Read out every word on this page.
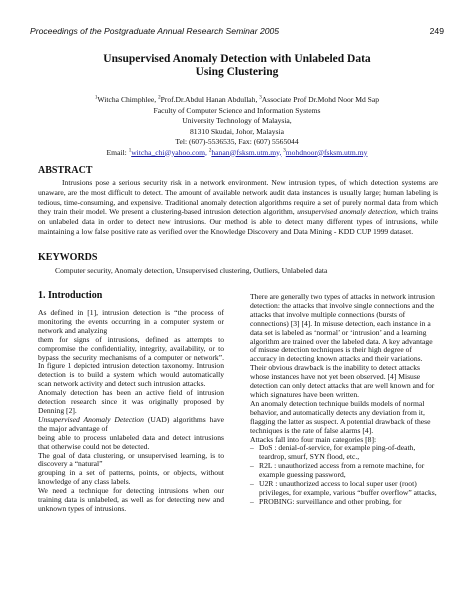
Proceedings of the Postgraduate Annual Research Seminar 2005	249
Unsupervised Anomaly Detection with Unlabeled Data
Using Clustering
$^1$Witcha Chimphlee, $^2$Prof.Dr.Abdul Hanan Abdullah, $^3$Associate Prof Dr.Mohd Noor Md Sap
Faculty of Computer Science and Information Systems
University Technology of Malaysia,
81310 Skudai, Johor, Malaysia
Tel: (607)-5536535, Fax: (607) 5565044
Email: $^1$witcha_chi@yahoo.com, $^2$hanan@fsksm.utm.my, $^3$mohdnoor@fsksm.utm.my
ABSTRACT
Intrusions pose a serious security risk in a network environment. New intrusion types, of which detection systems are unaware, are the most difficult to detect. The amount of available network audit data instances is usually large; human labeling is tedious, time-consuming, and expensive. Traditional anomaly detection algorithms require a set of purely normal data from which they train their model. We present a clustering-based intrusion detection algorithm, unsupervised anomaly detection, which trains on unlabeled data in order to detect new intrusions. Our method is able to detect many different types of intrusions, while maintaining a low false positive rate as verified over the Knowledge Discovery and Data Mining - KDD CUP 1999 dataset.
KEYWORDS
Computer security, Anomaly detection, Unsupervised clustering, Outliers, Unlabeled data
1. Introduction

As defined in [1], intrusion detection is “the process of monitoring the events occurring in a computer system or network and analyzing

them for signs of intrusions, defined as attempts to compromise the confidentiality, integrity, availability, or to bypass the security mechanisms of a computer or network”. In figure 1 depicted intrusion detection taxonomy. Intrusion detection is to build a system which would automatically scan network activity and detect such intrusion attacks.

Anomaly detection has been an active field of intrusion detection research since it was originally proposed by Denning [2].

Unsupervised Anomaly Detection (UAD) algorithms have the major advantage of

being able to process unlabeled data and detect intrusions that otherwise could not be detected.

The goal of data clustering, or unsupervised learning, is to discovery a “natural”

grouping in a set of patterns, points, or objects, without knowledge of any class labels.

We need a technique for detecting intrusions when our training data is unlabeled, as well as for detecting new and unknown types of intrusions.

There are generally two types of attacks in network intrusion detection: the attacks that involve single connections and the attacks that involve multiple connections (bursts of connections) [3] [4]. In misuse detection, each instance in a data set is labeled as ‘normal’ or ‘intrusion’ and a learning algorithm are trained over the labeled data. A key advantage of misuse detection techniques is their high degree of accuracy in detecting known attacks and their variations. Their obvious drawback is the inability to detect attacks whose instances have not yet been observed. [4] Misuse detection can only detect attacks that are well known and for which signatures have been written.

An anomaly detection technique builds models of normal behavior, and automatically detects any deviation from it, flagging the latter as suspect. A potential drawback of these techniques is the rate of false alarms [4].

Attacks fall into four main categories [8]:

– DoS : denial-of-service, for example ping-of-death, teardrop, smurf, SYN flood, etc.,
– R2L : unauthorized access from a remote machine, for example guessing password,
– U2R : unauthorized access to local super user (root) privileges, for example, various “buffer overflow” attacks,
– PROBING: surveillance and other probing, for
